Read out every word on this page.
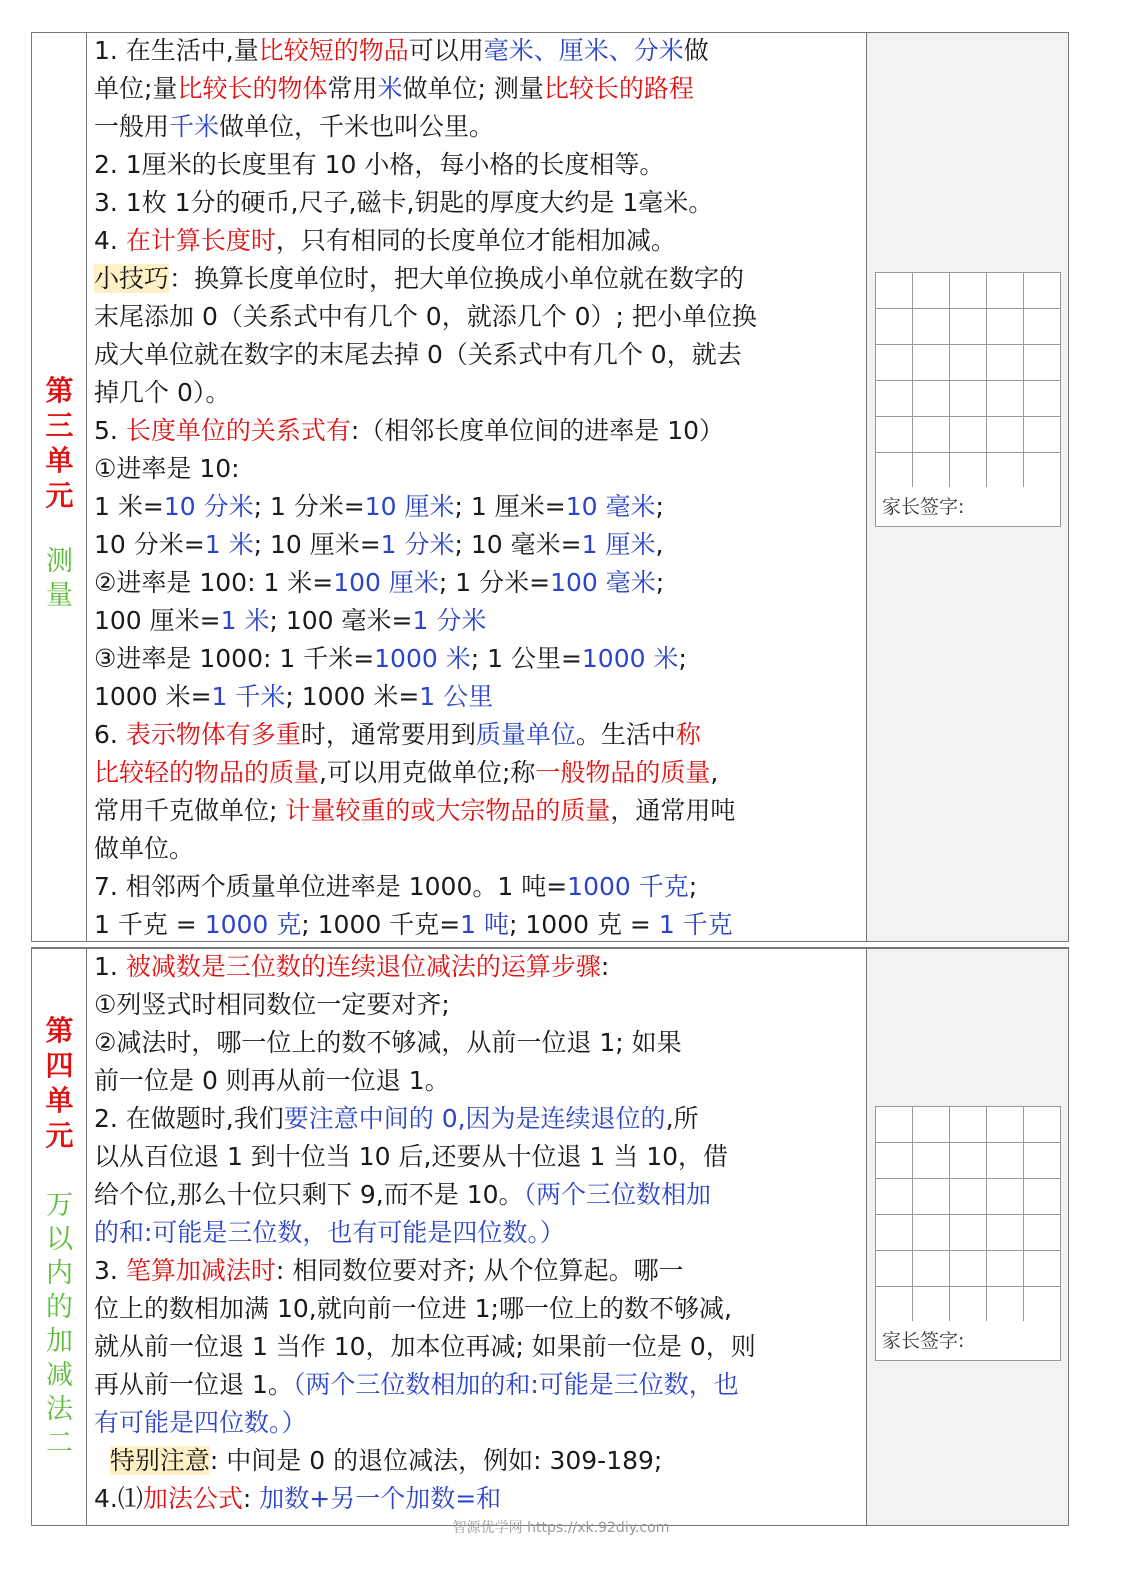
第
三
单
元
测
量
1. 在生活中,量比较短的物品可以用毫米、厘米、分米做
单位;量比较长的物体常用米做单位; 测量比较长的路程
一般用千米做单位，千米也叫公里。
2. 1厘米的长度里有 10 小格，每小格的长度相等。
3. 1枚 1分的硬币,尺子,磁卡,钥匙的厚度大约是 1毫米。
4. 在计算长度时，只有相同的长度单位才能相加减。
小技巧：换算长度单位时，把大单位换成小单位就在数字的
末尾添加 0（关系式中有几个 0，就添几个 0）; 把小单位换
成大单位就在数字的末尾去掉 0（关系式中有几个 0，就去
掉几个 0）。
5. 长度单位的关系式有:（相邻长度单位间的进率是 10）
①进率是 10:
1 米=10 分米; 1 分米=10 厘米; 1 厘米=10 毫米;
10 分米=1 米; 10 厘米=1 分米; 10 毫米=1 厘米,
②进率是 100: 1 米=100 厘米; 1 分米=100 毫米;
100 厘米=1 米; 100 毫米=1 分米
③进率是 1000: 1 千米=1000 米; 1 公里=1000 米;
1000 米=1 千米; 1000 米=1 公里
6. 表示物体有多重时，通常要用到质量单位。生活中称
比较轻的物品的质量,可以用克做单位;称一般物品的质量,
常用千克做单位; 计量较重的或大宗物品的质量，通常用吨
做单位。
7. 相邻两个质量单位进率是 1000。1 吨=1000 千克;
1 千克 = 1000 克; 1000 千克=1 吨; 1000 克 = 1 千克

家长签字:
第
四
单
元
万
以
内
的
加
减
法
二
1. 被减数是三位数的连续退位减法的运算步骤:
①列竖式时相同数位一定要对齐;
②减法时，哪一位上的数不够减，从前一位退 1; 如果
前一位是 0 则再从前一位退 1。
2. 在做题时,我们要注意中间的 0,因为是连续退位的,所
以从百位退 1 到十位当 10 后,还要从十位退 1 当 10，借
给个位,那么十位只剩下 9,而不是 10。（两个三位数相加
的和:可能是三位数，也有可能是四位数。）
3. 笔算加减法时: 相同数位要对齐; 从个位算起。哪一
位上的数相加满 10,就向前一位进 1;哪一位上的数不够减,
就从前一位退 1 当作 10，加本位再减; 如果前一位是 0，则
再从前一位退 1。（两个三位数相加的和:可能是三位数，也
有可能是四位数。）
特别注意: 中间是 0 的退位减法，例如: 309-189;
4.⑴加法公式: 加数+另一个加数=和

家长签字:
智源优学网 https://xk.92diy.com
